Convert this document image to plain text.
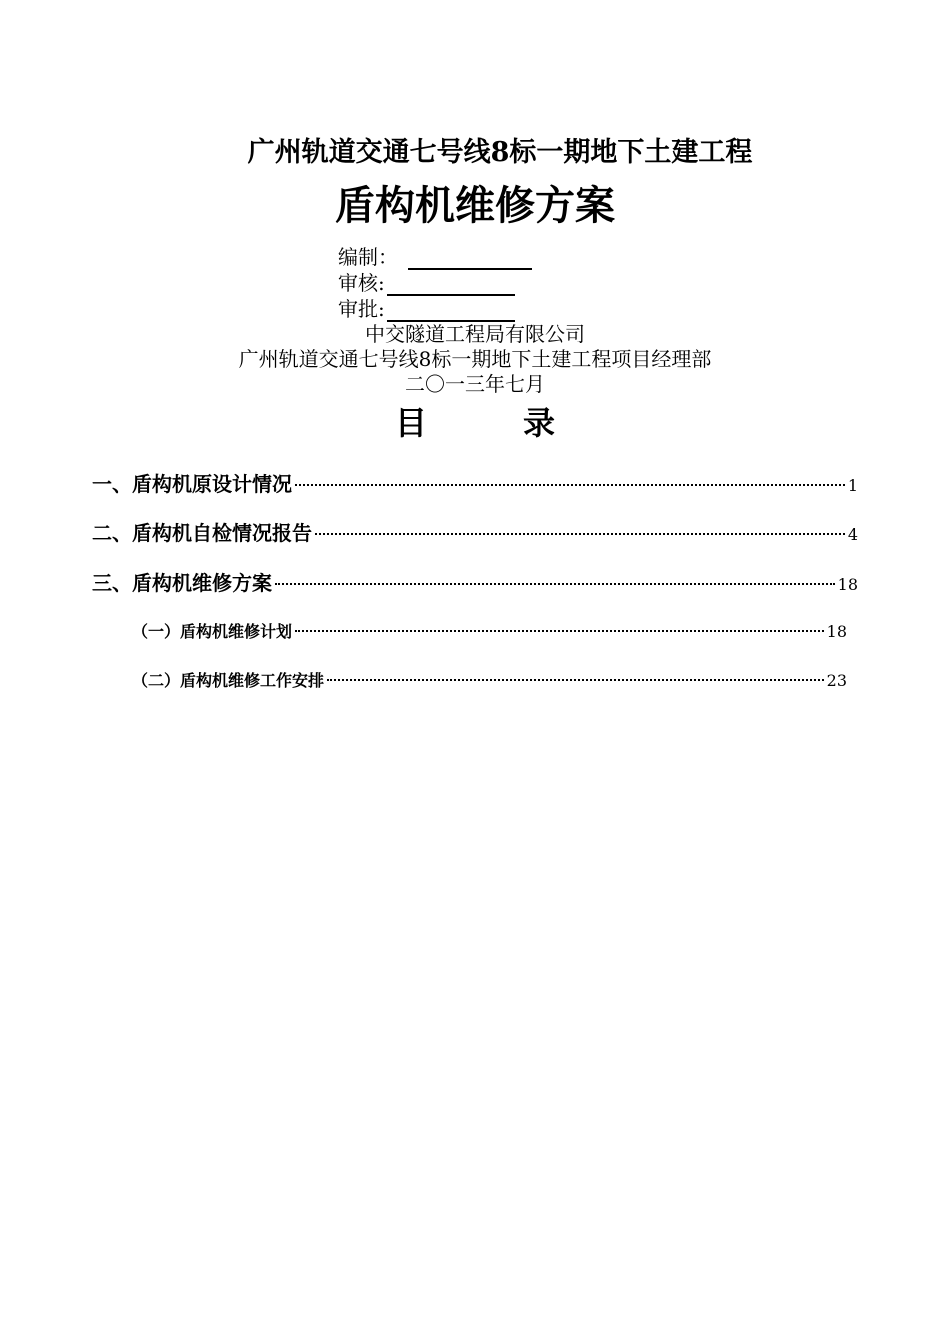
广州轨道交通七号线8标一期地下土建工程
盾构机维修方案
编制：
审核:
审批:
中交隧道工程局有限公司
广州轨道交通七号线8标一期地下土建工程项目经理部
二〇一三年七月
目	录
一、盾构机原设计情况	1
二、盾构机自检情况报告	4
三、盾构机维修方案	18
（一）盾构机维修计划	18
（二）盾构机维修工作安排	23
